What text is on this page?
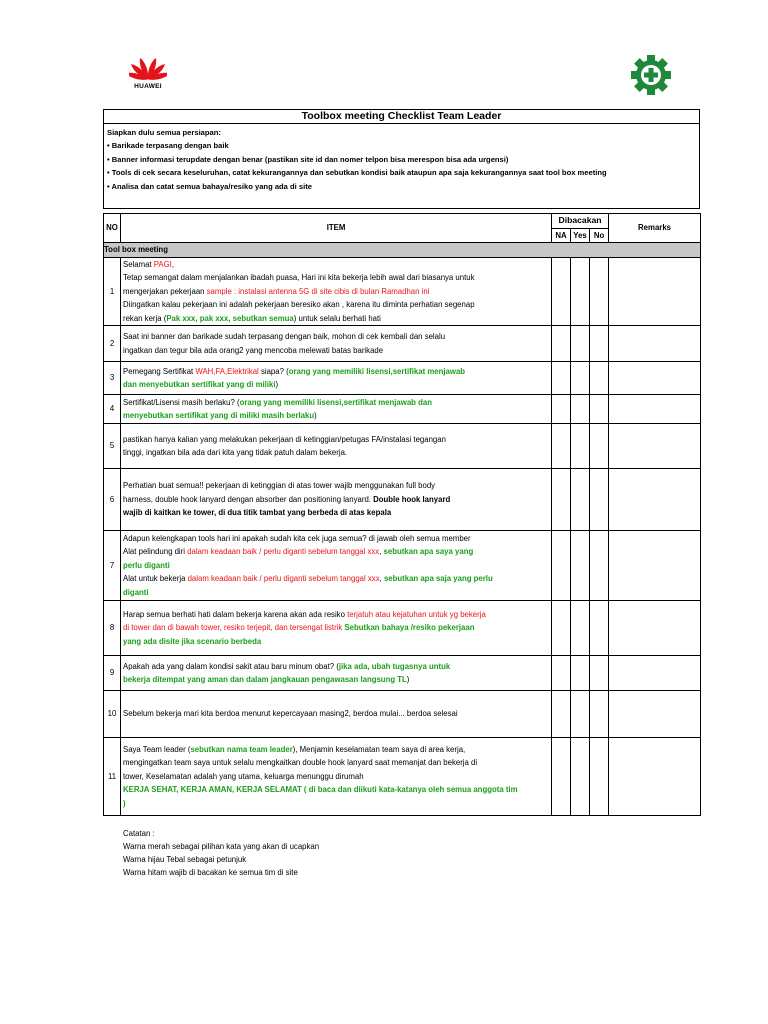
HUAWEI
Toolbox meeting Checklist Team Leader
Siapkan dulu semua persiapan:
• Barikade terpasang dengan baik
• Banner informasi terupdate dengan benar (pastikan site id dan nomer telpon bisa merespon bisa ada urgensi)
• Tools di cek secara keseluruhan, catat kekurangannya dan sebutkan kondisi baik ataupun apa saja kekurangannya saat tool box meeting
• Analisa dan catat semua bahaya/resiko yang ada di site
NO	ITEM	Dibacakan			Remarks
		NA	Yes	No	
Tool box meeting					
1	Selamat PAGI,
Tetap semangat dalam menjalankan ibadah puasa, Hari ini kita bekerja lebih awal dari biasanya untuk
mengerjakan pekerjaan sample : instalasi antenna 5G di site cibis di bulan Ramadhan ini
Diingatkan kalau pekerjaan ini adalah pekerjaan beresiko akan , karena itu diminta perhatian segenap
rekan kerja (Pak xxx, pak xxx, sebutkan semua) untuk selalu berhati hati				

2	Saat ini banner dan barikade sudah terpasang dengan baik, mohon di cek kembali dan selalu
ingatkan dan tegur bila ada orang2 yang mencoba melewati batas barikade				

3	Pemegang Sertifikat WAH,FA,Elektrikal siapa? (orang yang memiliki lisensi,sertifikat menjawab
dan menyebutkan sertifikat yang di miliki)				

4	Sertifikat/Lisensi masih berlaku? (orang yang memiliki lisensi,sertifikat menjawab dan
menyebutkan sertifikat yang di miliki masih berlaku)				

5	pastikan hanya kalian yang melakukan pekerjaan di ketinggian/petugas FA/instalasi tegangan
tinggi, ingatkan bila ada dari kita yang tidak patuh dalam bekerja.				

6	Perhatian buat semua!! pekerjaan di ketinggian di atas tower wajib menggunakan full body
harness, double hook lanyard dengan absorber dan positioning lanyard. Double hook lanyard
wajib di kaitkan ke tower, di dua titik tambat yang berbeda di atas kepala				

7	Adapun kelengkapan tools hari ini apakah sudah kita cek juga semua? di jawab oleh semua member
Alat pelindung diri dalam keadaan baik / perlu diganti sebelum tanggal xxx, sebutkan apa saya yang
perlu diganti
Alat untuk bekerja dalam keadaan baik / perlu diganti sebelum tanggal xxx, sebutkan apa saja yang perlu
diganti				

8	Harap semua berhati hati dalam bekerja karena akan ada resiko terjatuh atau kejatuhan untuk yg bekerja
di tower dan di bawah tower, resiko terjepit, dan tersengat listrik Sebutkan bahaya /resiko pekerjaan
yang ada disite jika scenario berbeda				

9	Apakah ada yang dalam kondisi sakit atau baru minum obat? (jika ada, ubah tugasnya untuk
bekerja ditempat yang aman dan dalam jangkauan pengawasan langsung TL)				

10	Sebelum bekerja mari kita berdoa menurut kepercayaan masing2, berdoa mulai... berdoa selesai				

11	Saya Team leader (sebutkan nama team leader), Menjamin keselamatan team saya di area kerja,
mengingatkan team saya untuk selalu mengkaitkan double hook lanyard saat memanjat dan bekerja di
tower, Keselamatan adalah yang utama, keluarga menunggu dirumah
KERJA SEHAT, KERJA AMAN, KERJA SELAMAT ( di baca dan diikuti kata-katanya oleh semua anggota tim
)				

Catatan :
Warna merah sebagai pilihan kata yang akan di ucapkan
Warna hijau Tebal sebagai petunjuk
Warna hitam wajib di bacakan ke semua tim di site
